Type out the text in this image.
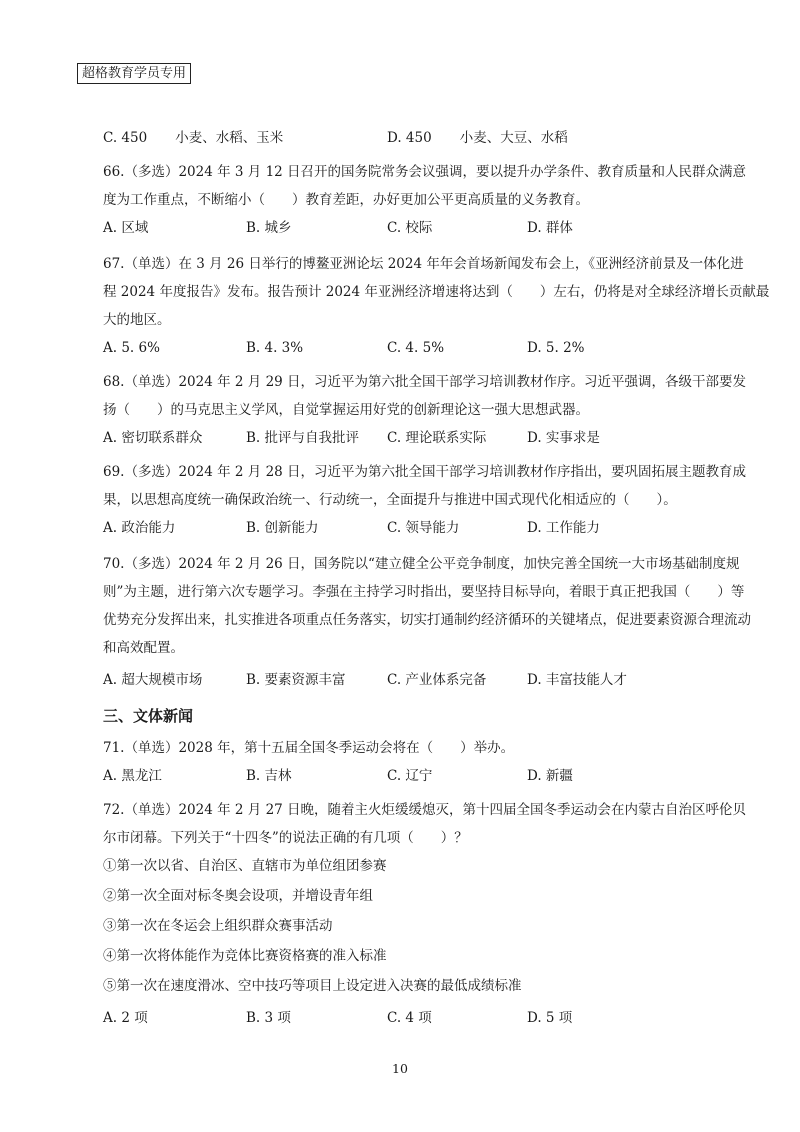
超格教育学员专用
C. 450 小麦、水稻、玉米	D. 450 小麦、大豆、水稻
66.（多选）2024 年 3 月 12 日召开的国务院常务会议强调，要以提升办学条件、教育质量和人民群众满意
度为工作重点，不断缩小（　　）教育差距，办好更加公平更高质量的义务教育。
A. 区域	B. 城乡	C. 校际	D. 群体
67.（单选）在 3 月 26 日举行的博鳌亚洲论坛 2024 年年会首场新闻发布会上，《亚洲经济前景及一体化进
程 2024 年度报告》发布。报告预计 2024 年亚洲经济增速将达到（　　）左右，仍将是对全球经济增长贡献最
大的地区。
A. 5. 6%	B. 4. 3%	C. 4. 5%	D. 5. 2%
68.（单选）2024 年 2 月 29 日，习近平为第六批全国干部学习培训教材作序。习近平强调，各级干部要发
扬（　　）的马克思主义学风，自觉掌握运用好党的创新理论这一强大思想武器。
A. 密切联系群众	B. 批评与自我批评 C. 理论联系实际	D. 实事求是
69.（多选）2024 年 2 月 28 日，习近平为第六批全国干部学习培训教材作序指出，要巩固拓展主题教育成
果，以思想高度统一确保政治统一、行动统一，全面提升与推进中国式现代化相适应的（　　）。
A. 政治能力	B. 创新能力	C. 领导能力	D. 工作能力
70.（多选）2024 年 2 月 26 日，国务院以“建立健全公平竞争制度，加快完善全国统一大市场基础制度规
则”为主题，进行第六次专题学习。李强在主持学习时指出，要坚持目标导向，着眼于真正把我国（　　）等
优势充分发挥出来，扎实推进各项重点任务落实，切实打通制约经济循环的关键堵点，促进要素资源合理流动
和高效配置。
A. 超大规模市场	B. 要素资源丰富	C. 产业体系完备	D. 丰富技能人才
三、文体新闻
71.（单选）2028 年，第十五届全国冬季运动会将在（　　）举办。
A. 黑龙江	B. 吉林	C. 辽宁	D. 新疆
72.（单选）2024 年 2 月 27 日晚，随着主火炬缓缓熄灭，第十四届全国冬季运动会在内蒙古自治区呼伦贝
尔市闭幕。下列关于“十四冬”的说法正确的有几项（　　）？
①第一次以省、自治区、直辖市为单位组团参赛
②第一次全面对标冬奥会设项，并增设青年组
③第一次在冬运会上组织群众赛事活动
④第一次将体能作为竞体比赛资格赛的准入标准
⑤第一次在速度滑冰、空中技巧等项目上设定进入决赛的最低成绩标准
A. 2 项	B. 3 项	C. 4 项	D. 5 项
10
